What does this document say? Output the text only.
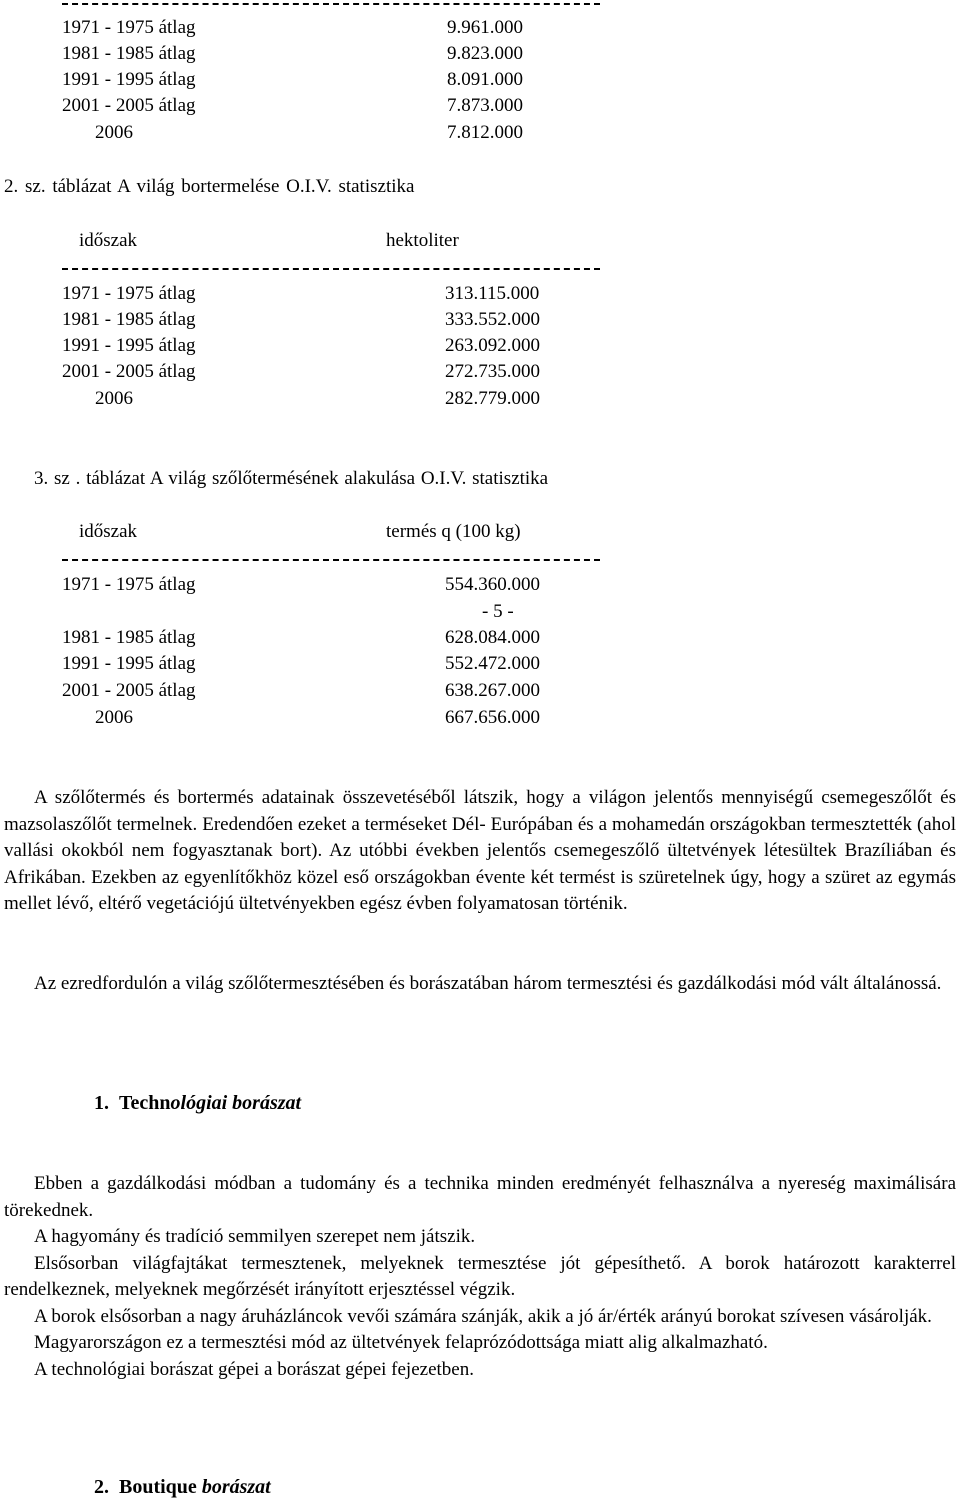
1971 - 1975 átlag	9.961.000
1981 - 1985 átlag	9.823.000
1991 - 1995 átlag	8.091.000
2001 - 2005 átlag	7.873.000
2006	7.812.000
2. sz. táblázat A világ bortermelése O.I.V. statisztika
időszak	hektoliter
1971 - 1975 átlag	313.115.000
1981 - 1985 átlag	333.552.000
1991 - 1995 átlag	263.092.000
2001 - 2005 átlag	272.735.000
2006	282.779.000
3. sz . táblázat A világ szőlőtermésének alakulása O.I.V. statisztika
időszak	termés q (100 kg)
1971 - 1975 átlag	554.360.000
- 5 -
1981 - 1985 átlag	628.084.000
1991 - 1995 átlag	552.472.000
2001 - 2005 átlag	638.267.000
2006	667.656.000

A szőlőtermés és bortermés adatainak összevetéséből látszik, hogy a világon jelentős mennyiségű csemegeszőlőt és mazsolaszőlőt termelnek. Eredendően ezeket a terméseket Dél- Európában és a mohamedán országokban termesztették (ahol vallási okokból nem fogyasztanak bort). Az utóbbi években jelentős csemegeszőlő ültetvények létesültek Brazíliában és Afrikában. Ezekben az egyenlítőkhöz közel eső országokban évente két termést is szüretelnek úgy, hogy a szüret az egymás mellet lévő, eltérő vegetációjú ültetvényekben egész évben folyamatosan történik.

Az ezredfordulón a világ szőlőtermesztésében és borászatában három termesztési és gazdálkodási mód vált általánossá.

1. Technológiai borászat

Ebben a gazdálkodási módban a tudomány és a technika minden eredményét felhasználva a nyereség maximálisára törekednek.

A hagyomány és tradíció semmilyen szerepet nem játszik.

Elsősorban világfajtákat termesztenek, melyeknek termesztése jót gépesíthető. A borok határozott karakterrel rendelkeznek, melyeknek megőrzését irányított erjesztéssel végzik.

A borok elsősorban a nagy áruházláncok vevői számára szánják, akik a jó ár/érték arányú borokat szívesen vásárolják.

Magyarországon ez a termesztési mód az ültetvények felaprózódottsága miatt alig alkalmazható.

A technológiai borászat gépei a borászat gépei fejezetben.

2. Boutique borászat
